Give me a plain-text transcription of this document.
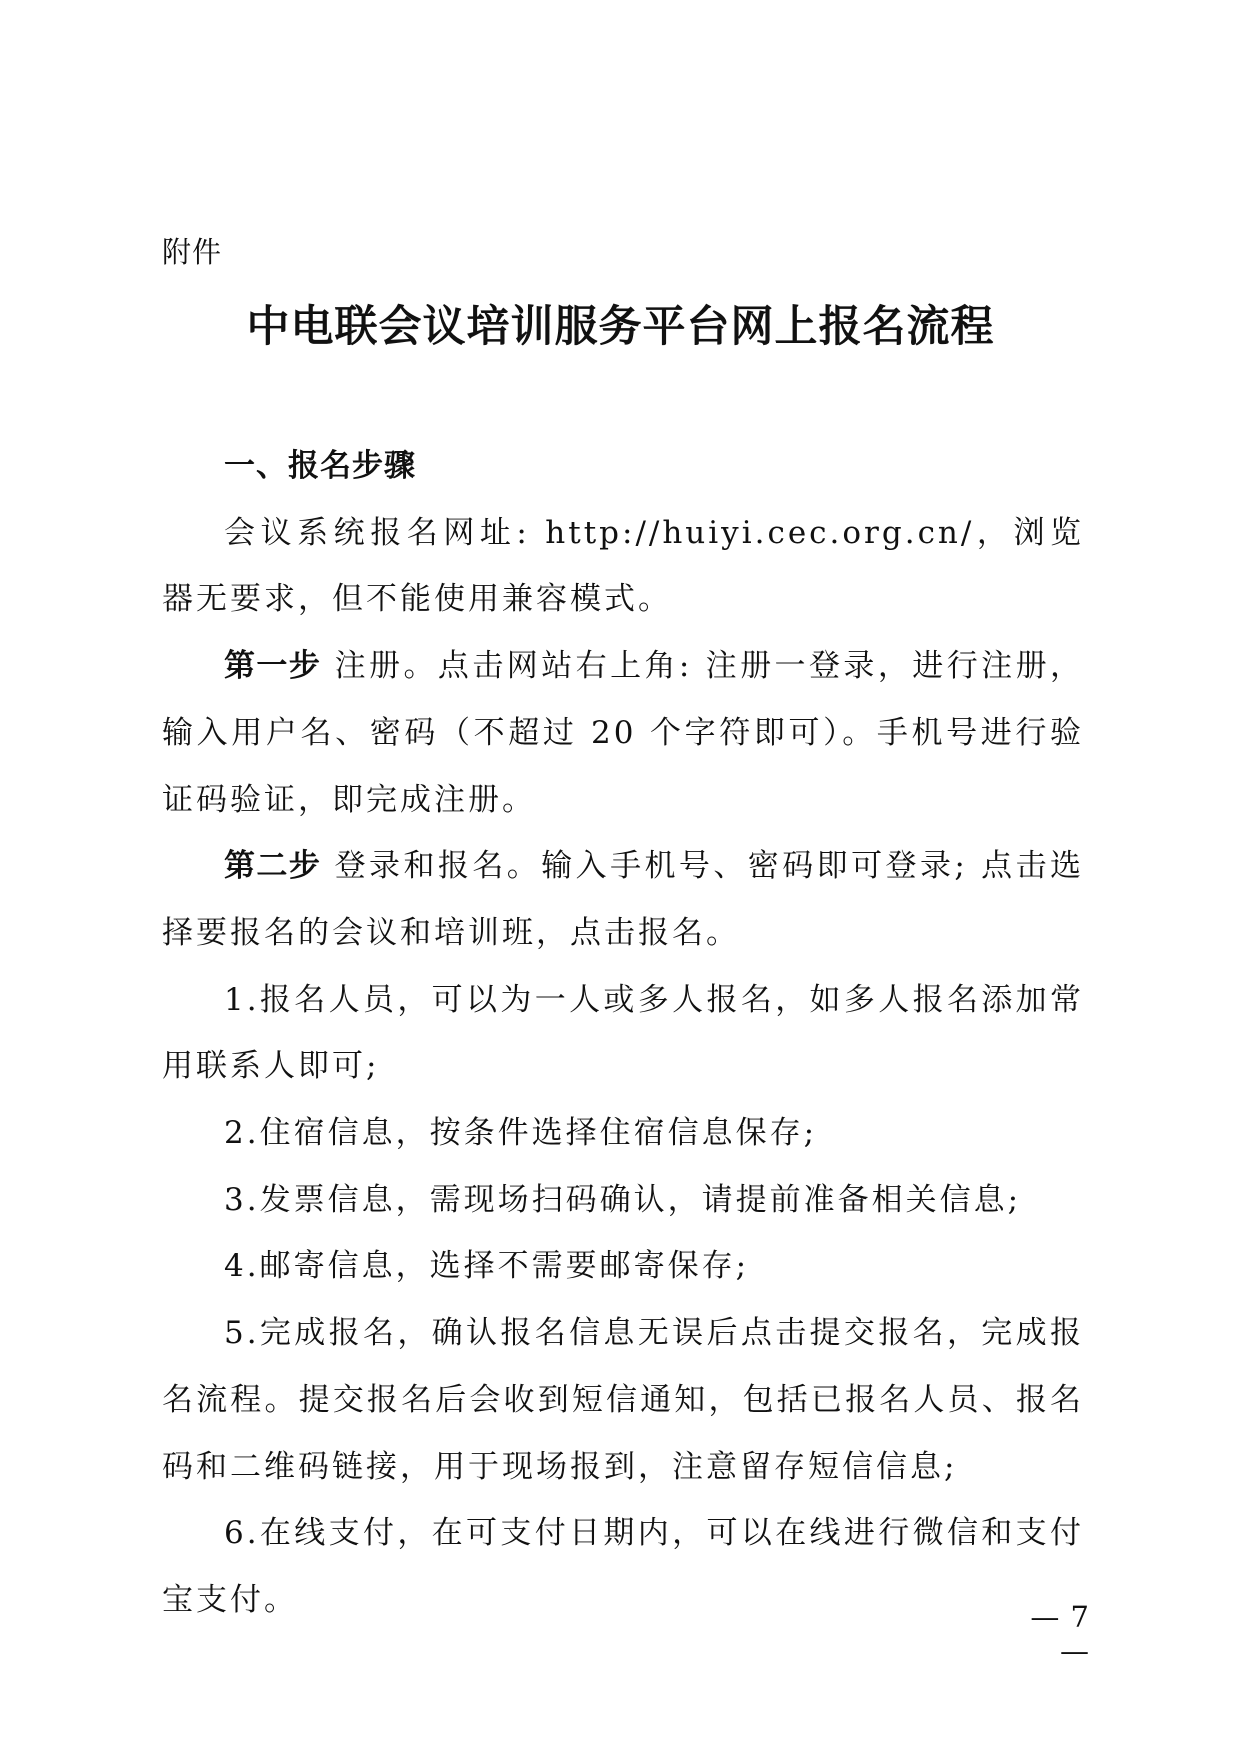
附件
中电联会议培训服务平台网上报名流程

一、报名步骤

会议系统报名网址: http://huiyi.cec.org.cn/，浏览器无要求，但不能使用兼容模式。

第一步 注册。点击网站右上角: 注册一登录，进行注册，输入用户名、密码（不超过 20 个字符即可）。手机号进行验证码验证，即完成注册。

第二步 登录和报名。输入手机号、密码即可登录; 点击选择要报名的会议和培训班，点击报名。

1.报名人员，可以为一人或多人报名，如多人报名添加常用联系人即可;

2.住宿信息，按条件选择住宿信息保存;

3.发票信息，需现场扫码确认，请提前准备相关信息;

4.邮寄信息，选择不需要邮寄保存;

5.完成报名，确认报名信息无误后点击提交报名，完成报名流程。提交报名后会收到短信通知，包括已报名人员、报名码和二维码链接，用于现场报到，注意留存短信信息;

6.在线支付，在可支付日期内，可以在线进行微信和支付宝支付。	— 7 —
